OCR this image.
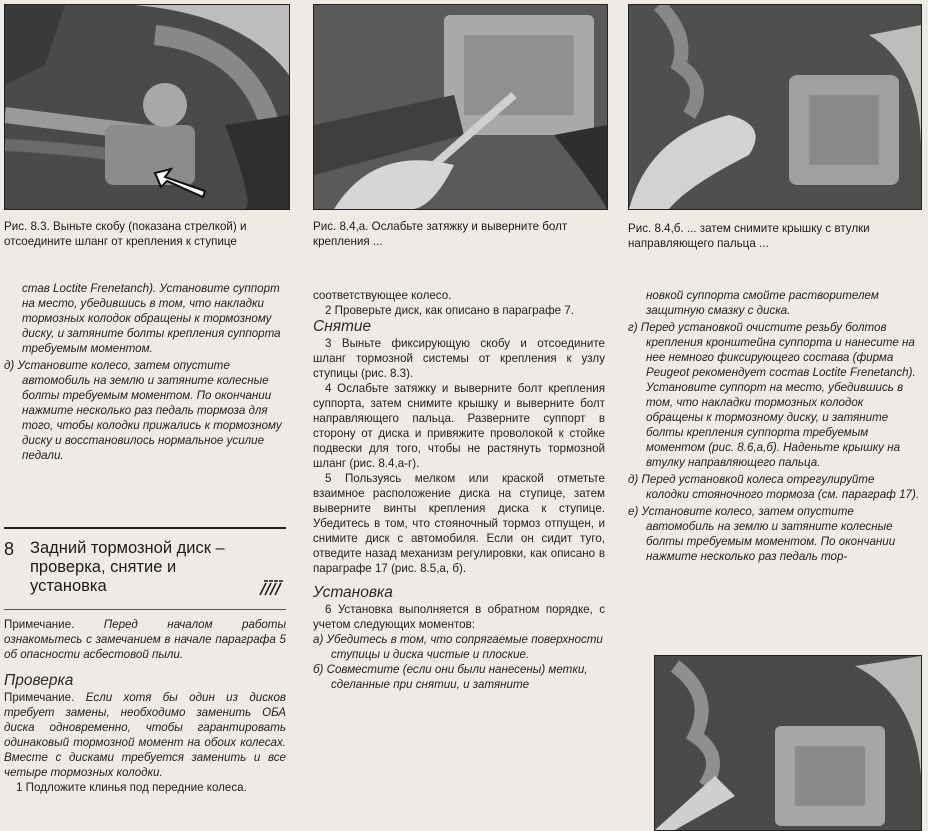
Рис. 8.3. Выньте скобу (показана стрелкой) и отсоедините шланг от крепления к ступице
Рис. 8.4,а. Ослабьте затяжку и выверните болт крепления ...
Рис. 8.4,б. ... затем снимите крышку с втулки направляющего пальца ...

став Loctite Frenetanch). Установите суппорт на место, убедившись в том, что накладки тормозных колодок обращены к тормозному диску, и затяните болты крепления суппорта требуемым моментом.

д) Установите колесо, затем опустите автомобиль на землю и затяните колесные болты требуемым моментом. По окончании нажмите несколько раз педаль тормоза для того, чтобы колодки прижались к тормозному диску и восстановилось нормальное усилие педали.

8 Задний тормозной диск – проверка, снятие и установка

Примечание.	Перед началом работы ознакомьтесь с замечанием в начале параграфа 5 об опасности асбестовой пыли.

Проверка

Примечание. Если хотя бы один из дисков требует замены, необходимо заменить ОБА диска одновременно, чтобы гарантировать одинаковый тормозной момент на обоих колесах. Вместе с дисками требуется заменить и все четыре тормозных колодки.

1 Подложите клинья под передние колеса.

соответствующее колесо.

2 Проверьте диск, как описано в параграфе 7.

Снятие

3 Выньте фиксирующую скобу и отсоедините шланг тормозной системы от крепления к узлу ступицы (рис. 8.3).

4 Ослабьте затяжку и выверните болт крепления суппорта, затем снимите крышку и выверните болт направляющего пальца. Разверните суппорт в сторону от диска и привяжите проволокой к стойке подвески для того, чтобы не растянуть тормозной шланг (рис. 8.4,а-г).

5 Пользуясь мелком или краской отметьте взаимное расположение диска на ступице, затем выверните винты крепления диска к ступице. Убедитесь в том, что стояночный тормоз отпущен, и снимите диск с автомобиля. Если он сидит туго, отведите назад механизм регулировки, как описано в параграфе 17 (рис. 8.5,а, б).

Установка

6 Установка выполняется в обратном порядке, с учетом следующих моментов:

а) Убедитесь в том, что сопрягаемые поверхности ступицы и диска чистые и плоские.

б) Совместите (если они были нанесены) метки, сделанные при снятии, и затяните

новкой суппорта смойте растворителем защитную смазку с диска.

г) Перед установкой очистите резьбу болтов крепления кронштейна суппорта и нанесите на нее немного фиксирующего состава (фирма Peugeot рекомендует состав Loctite Frenetanch). Установите суппорт на место, убедившись в том, что накладки тормозных колодок обращены к тормозному диску, и затяните болты крепления суппорта требуемым моментом (рис. 8.6,а,б). Наденьте крышку на втулку направляющего пальца.

д) Перед установкой колеса отрегулируйте колодки стояночного тормоза (см. параграф 17).

е) Установите колесо, затем опустите автомобиль на землю и затяните колесные болты требуемым моментом. По окончании нажмите несколько раз педаль тор-
